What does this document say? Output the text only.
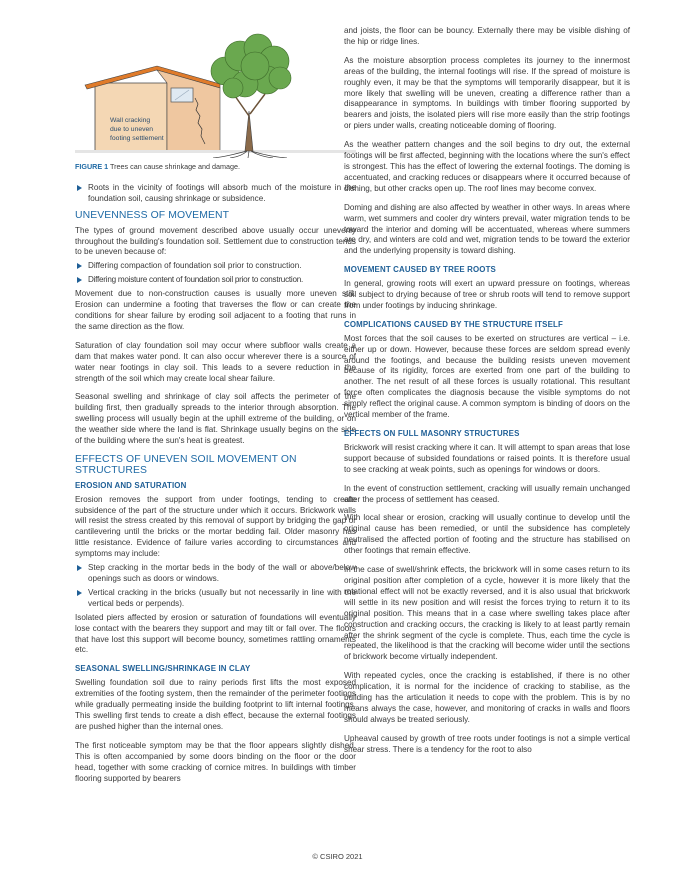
Wall cracking
due to uneven
footing settlement
FIGURE 1 Trees can cause shrinkage and damage.
Roots in the vicinity of footings will absorb much of the moisture in the foundation soil, causing shrinkage or subsidence.
UNEVENNESS OF MOVEMENT

The types of ground movement described above usually occur unevenly throughout the building's foundation soil. Settlement due to construction tends to be uneven because of:

Differing compaction of foundation soil prior to construction.
Differing moisture content of foundation soil prior to construction.

Movement due to non-construction causes is usually more uneven still. Erosion can undermine a footing that traverses the flow or can create the conditions for shear failure by eroding soil adjacent to a footing that runs in the same direction as the flow.

Saturation of clay foundation soil may occur where subfloor walls create a dam that makes water pond. It can also occur wherever there is a source of water near footings in clay soil. This leads to a severe reduction in the strength of the soil which may create local shear failure.

Seasonal swelling and shrinkage of clay soil affects the perimeter of the building first, then gradually spreads to the interior through absorption. The swelling process will usually begin at the uphill extreme of the building, or on the weather side where the land is flat. Shrinkage usually begins on the side of the building where the sun's heat is greatest.

EFFECTS OF UNEVEN SOIL MOVEMENT ON STRUCTURES
EROSION AND SATURATION

Erosion removes the support from under footings, tending to create subsidence of the part of the structure under which it occurs. Brickwork walls will resist the stress created by this removal of support by bridging the gap or cantilevering until the bricks or the mortar bedding fail. Older masonry has little resistance. Evidence of failure varies according to circumstances and symptoms may include:

Step cracking in the mortar beds in the body of the wall or above/below openings such as doors or windows.
Vertical cracking in the bricks (usually but not necessarily in line with the vertical beds or perpends).

Isolated piers affected by erosion or saturation of foundations will eventually lose contact with the bearers they support and may tilt or fall over. The floors that have lost this support will become bouncy, sometimes rattling ornaments etc.

SEASONAL SWELLING/SHRINKAGE IN CLAY

Swelling foundation soil due to rainy periods first lifts the most exposed extremities of the footing system, then the remainder of the perimeter footings while gradually permeating inside the building footprint to lift internal footings. This swelling first tends to create a dish effect, because the external footings are pushed higher than the internal ones.

The first noticeable symptom may be that the floor appears slightly dished. This is often accompanied by some doors binding on the floor or the door head, together with some cracking of cornice mitres. In buildings with timber flooring supported by bearers

and joists, the floor can be bouncy. Externally there may be visible dishing of the hip or ridge lines.

As the moisture absorption process completes its journey to the innermost areas of the building, the internal footings will rise. If the spread of moisture is roughly even, it may be that the symptoms will temporarily disappear, but it is more likely that swelling will be uneven, creating a difference rather than a disappearance in symptoms. In buildings with timber flooring supported by bearers and joists, the isolated piers will rise more easily than the strip footings or piers under walls, creating noticeable doming of flooring.

As the weather pattern changes and the soil begins to dry out, the external footings will be first affected, beginning with the locations where the sun's effect is strongest. This has the effect of lowering the external footings. The doming is accentuated, and cracking reduces or disappears where it occurred because of dishing, but other cracks open up. The roof lines may become convex.

Doming and dishing are also affected by weather in other ways. In areas where warm, wet summers and cooler dry winters prevail, water migration tends to be toward the interior and doming will be accentuated, whereas where summers are dry, and winters are cold and wet, migration tends to be toward the exterior and the underlying propensity is toward dishing.

MOVEMENT CAUSED BY TREE ROOTS

In general, growing roots will exert an upward pressure on footings, whereas soil subject to drying because of tree or shrub roots will tend to remove support from under footings by inducing shrinkage.

COMPLICATIONS CAUSED BY THE STRUCTURE ITSELF

Most forces that the soil causes to be exerted on structures are vertical – i.e. either up or down. However, because these forces are seldom spread evenly around the footings, and because the building resists uneven movement because of its rigidity, forces are exerted from one part of the building to another. The net result of all these forces is usually rotational. This resultant force often complicates the diagnosis because the visible symptoms do not simply reflect the original cause. A common symptom is binding of doors on the vertical member of the frame.

EFFECTS ON FULL MASONRY STRUCTURES

Brickwork will resist cracking where it can. It will attempt to span areas that lose support because of subsided foundations or raised points. It is therefore usual to see cracking at weak points, such as openings for windows or doors.

In the event of construction settlement, cracking will usually remain unchanged after the process of settlement has ceased.

With local shear or erosion, cracking will usually continue to develop until the original cause has been remedied, or until the subsidence has completely neutralised the affected portion of footing and the structure has stabilised on other footings that remain effective.

In the case of swell/shrink effects, the brickwork will in some cases return to its original position after completion of a cycle, however it is more likely that the rotational effect will not be exactly reversed, and it is also usual that brickwork will settle in its new position and will resist the forces trying to return it to its original position. This means that in a case where swelling takes place after construction and cracking occurs, the cracking is likely to at least partly remain after the shrink segment of the cycle is complete. Thus, each time the cycle is repeated, the likelihood is that the cracking will become wider until the sections of brickwork become virtually independent.

With repeated cycles, once the cracking is established, if there is no other complication, it is normal for the incidence of cracking to stabilise, as the building has the articulation it needs to cope with the problem. This is by no means always the case, however, and monitoring of cracks in walls and floors should always be treated seriously.

Upheaval caused by growth of tree roots under footings is not a simple vertical shear stress. There is a tendency for the root to also

© CSIRO 2021
